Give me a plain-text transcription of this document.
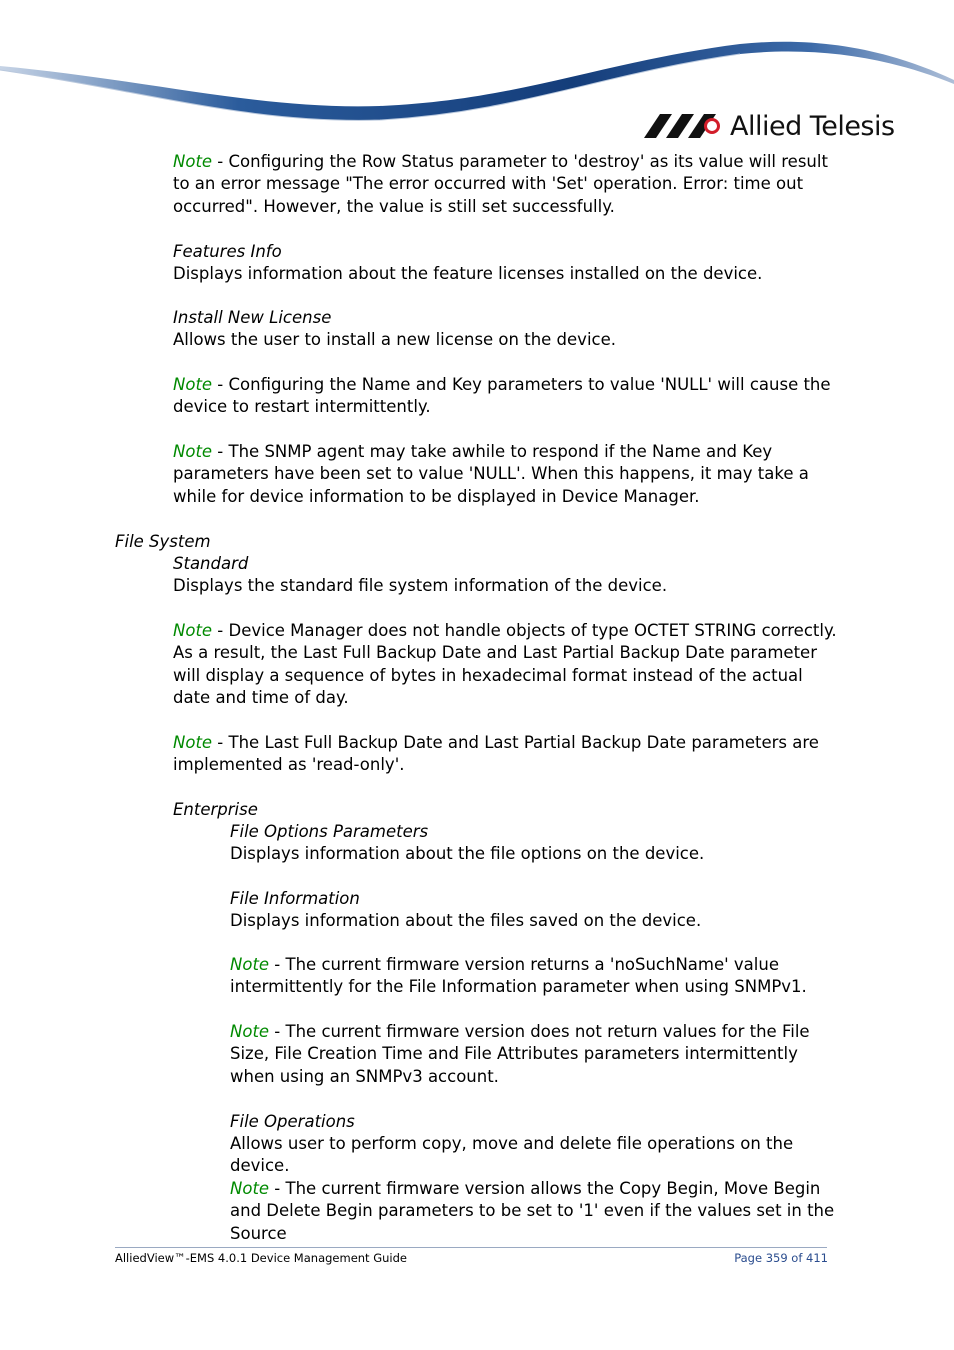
Allied Telesis
Note - Configuring the Row Status parameter to 'destroy' as its value will result to an error message "The error occurred with 'Set' operation. Error: time out occurred". However, the value is still set successfully.
Features Info
Displays information about the feature licenses installed on the device.
Install New License
Allows the user to install a new license on the device.
Note - Configuring the Name and Key parameters to value 'NULL' will cause the device to restart intermittently.
Note - The SNMP agent may take awhile to respond if the Name and Key parameters have been set to value 'NULL'. When this happens, it may take a while for device information to be displayed in Device Manager.
File System
Standard
Displays the standard file system information of the device.
Note - Device Manager does not handle objects of type OCTET STRING correctly. As a result, the Last Full Backup Date and Last Partial Backup Date parameter will display a sequence of bytes in hexadecimal format instead of the actual date and time of day.
Note - The Last Full Backup Date and Last Partial Backup Date parameters are implemented as 'read-only'.
Enterprise
File Options Parameters
Displays information about the file options on the device.
File Information
Displays information about the files saved on the device.
Note - The current firmware version returns a 'noSuchName' value intermittently for the File Information parameter when using SNMPv1.
Note - The current firmware version does not return values for the File Size, File Creation Time and File Attributes parameters intermittently when using an SNMPv3 account.
File Operations
Allows user to perform copy, move and delete file operations on the device.
Note - The current firmware version allows the Copy Begin, Move Begin and Delete Begin parameters to be set to '1' even if the values set in the Source
AlliedView™-EMS 4.0.1 Device Management Guide	Page 359 of 411
